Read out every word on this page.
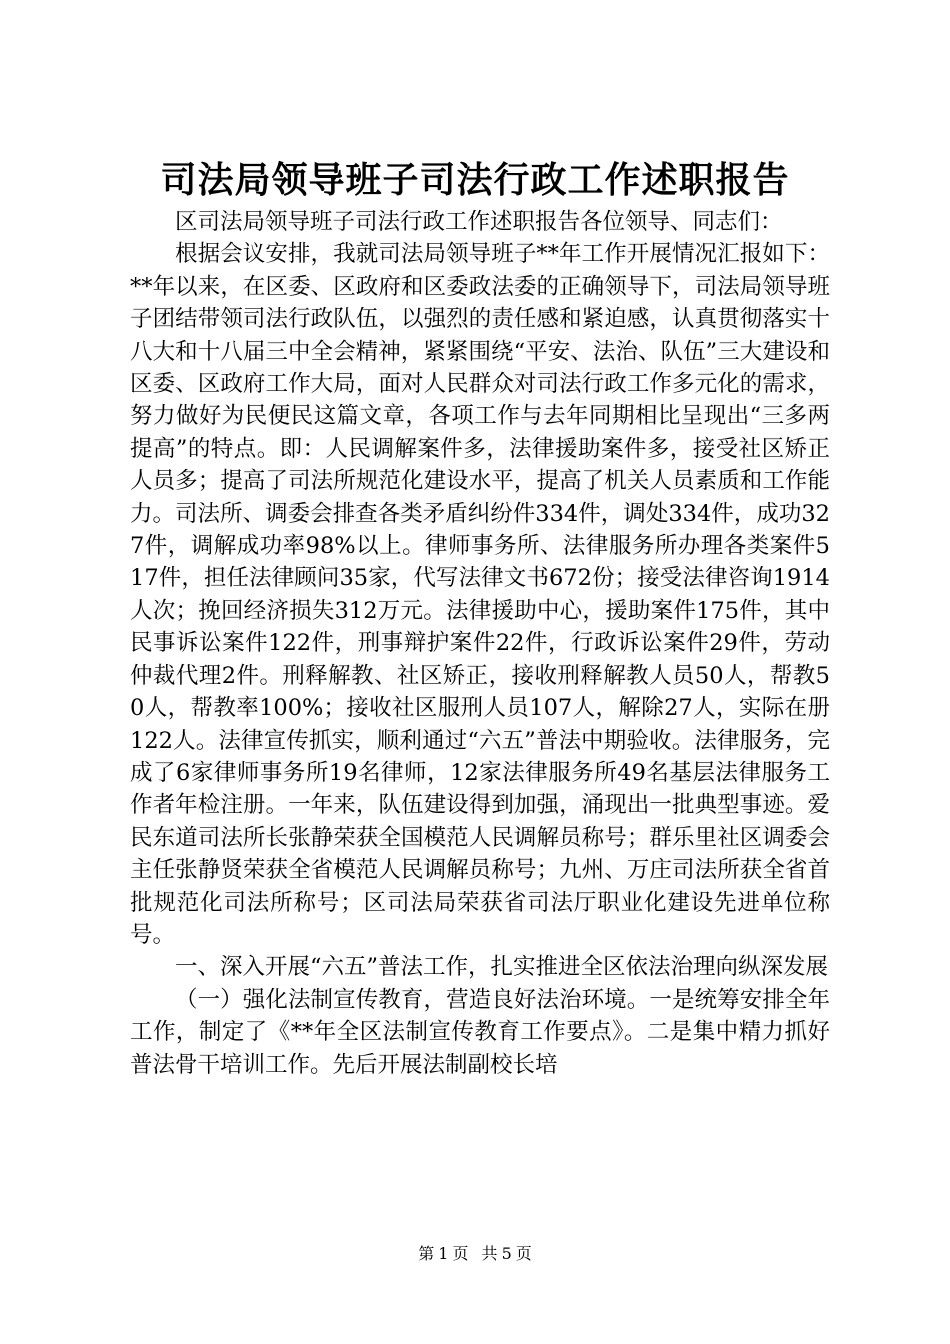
司法局领导班子司法行政工作述职报告

区司法局领导班子司法行政工作述职报告各位领导、同志们：

根据会议安排，我就司法局领导班子**年工作开展情况汇报如下：**年以来，在区委、区政府和区委政法委的正确领导下，司法局领导班子团结带领司法行政队伍，以强烈的责任感和紧迫感，认真贯彻落实十八大和十八届三中全会精神，紧紧围绕“平安、法治、队伍”三大建设和区委、区政府工作大局，面对人民群众对司法行政工作多元化的需求，努力做好为民便民这篇文章，各项工作与去年同期相比呈现出“三多两提高”的特点。即：人民调解案件多，法律援助案件多，接受社区矫正人员多；提高了司法所规范化建设水平，提高了机关人员素质和工作能力。司法所、调委会排查各类矛盾纠纷件334件，调处334件，成功327件，调解成功率98%以上。律师事务所、法律服务所办理各类案件517件，担任法律顾问35家，代写法律文书672份；接受法律咨询1914人次；挽回经济损失312万元。法律援助中心，援助案件175件，其中民事诉讼案件122件，刑事辩护案件22件，行政诉讼案件29件，劳动仲裁代理2件。刑释解教、社区矫正，接收刑释解教人员50人，帮教50人，帮教率100%；接收社区服刑人员107人，解除27人，实际在册122人。法律宣传抓实，顺利通过“六五”普法中期验收。法律服务，完成了6家律师事务所19名律师，12家法律服务所49名基层法律服务工作者年检注册。一年来，队伍建设得到加强，涌现出一批典型事迹。爱民东道司法所长张静荣获全国模范人民调解员称号；群乐里社区调委会主任张静贤荣获全省模范人民调解员称号；九州、万庄司法所获全省首批规范化司法所称号；区司法局荣获省司法厅职业化建设先进单位称号。

一、深入开展“六五”普法工作，扎实推进全区依法治理向纵深发展

（一）强化法制宣传教育，营造良好法治环境。一是统筹安排全年工作，制定了《**年全区法制宣传教育工作要点》。二是集中精力抓好普法骨干培训工作。先后开展法制副校长培

第 1 页 共 5 页
